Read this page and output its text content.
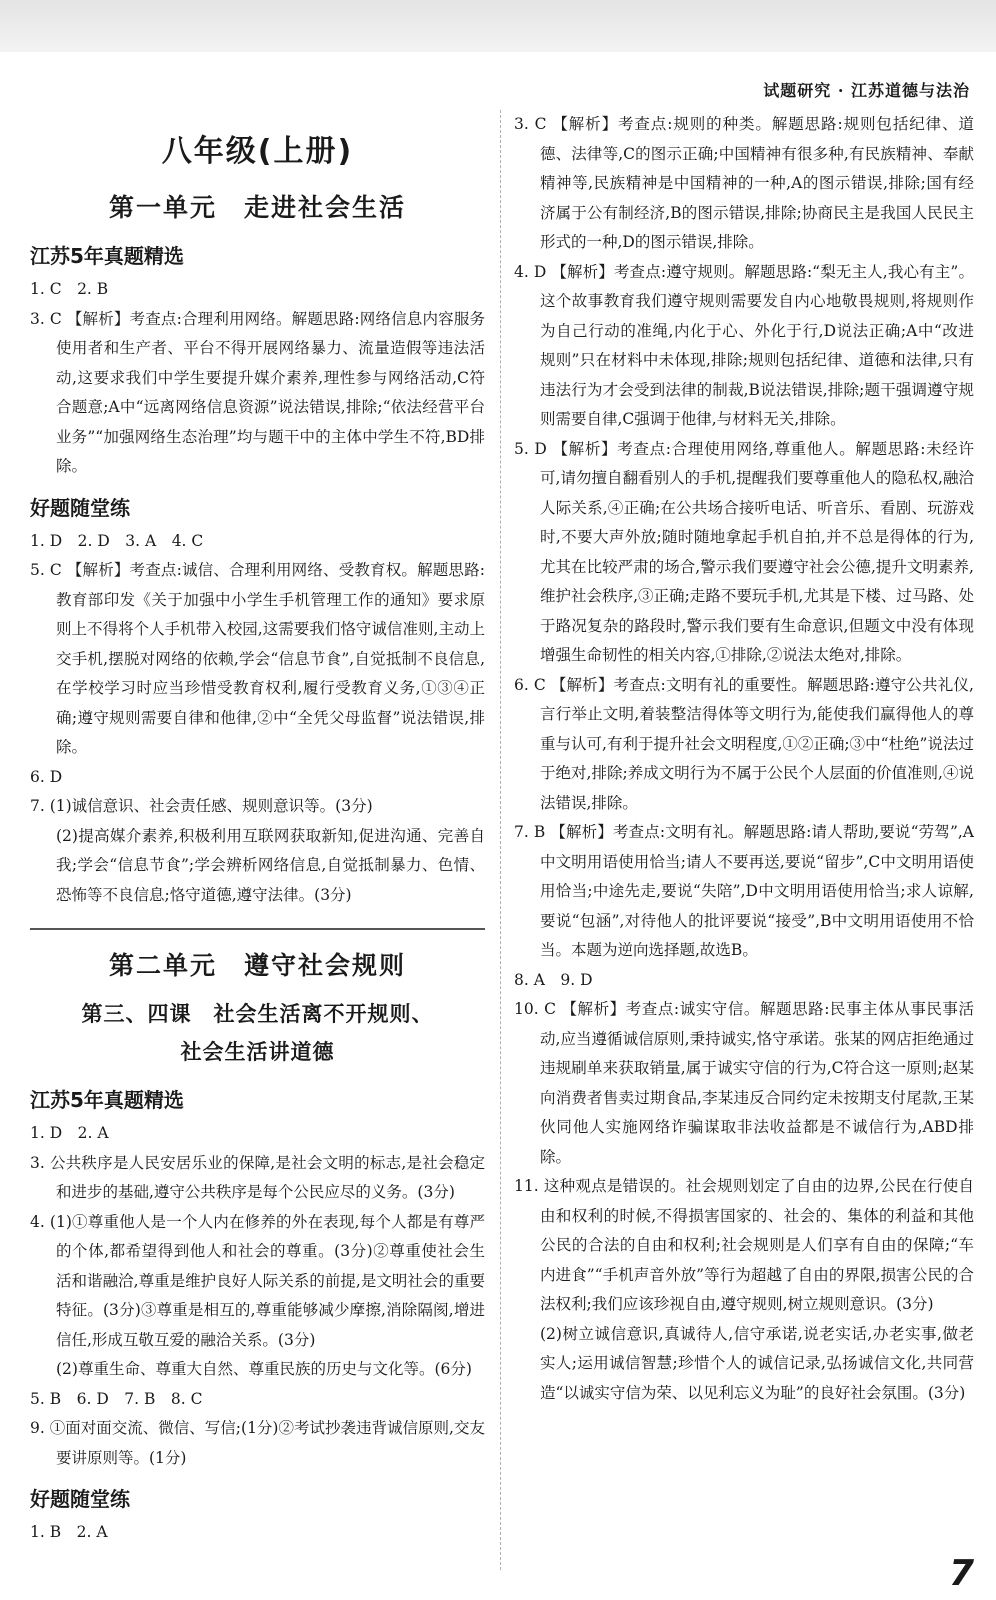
试题研究 · 江苏道德与法治
八年级(上册)
第一单元　走进社会生活
江苏5年真题精选
1. C　2. B
3. C 【解析】考查点:合理利用网络。解题思路:网络信息内容服务使用者和生产者、平台不得开展网络暴力、流量造假等违法活动,这要求我们中学生要提升媒介素养,理性参与网络活动,C符合题意;A中“远离网络信息资源”说法错误,排除;“依法经营平台业务”“加强网络生态治理”均与题干中的主体中学生不符,BD排除。
好题随堂练
1. D　2. D　3. A　4. C
5. C 【解析】考查点:诚信、合理利用网络、受教育权。解题思路:教育部印发《关于加强中小学生手机管理工作的通知》要求原则上不得将个人手机带入校园,这需要我们恪守诚信准则,主动上交手机,摆脱对网络的依赖,学会“信息节食”,自觉抵制不良信息,在学校学习时应当珍惜受教育权利,履行受教育义务,①③④正确;遵守规则需要自律和他律,②中“全凭父母监督”说法错误,排除。
6. D
7. (1)诚信意识、社会责任感、规则意识等。(3分)
(2)提高媒介素养,积极利用互联网获取新知,促进沟通、完善自我;学会“信息节食”;学会辨析网络信息,自觉抵制暴力、色情、恐怖等不良信息;恪守道德,遵守法律。(3分)
第二单元　遵守社会规则
第三、四课　社会生活离不开规则、
社会生活讲道德
江苏5年真题精选
1. D　2. A
3. 公共秩序是人民安居乐业的保障,是社会文明的标志,是社会稳定和进步的基础,遵守公共秩序是每个公民应尽的义务。(3分)
4. (1)①尊重他人是一个人内在修养的外在表现,每个人都是有尊严的个体,都希望得到他人和社会的尊重。(3分)②尊重使社会生活和谐融洽,尊重是维护良好人际关系的前提,是文明社会的重要特征。(3分)③尊重是相互的,尊重能够减少摩擦,消除隔阂,增进信任,形成互敬互爱的融洽关系。(3分)
(2)尊重生命、尊重大自然、尊重民族的历史与文化等。(6分)
5. B　6. D　7. B　8. C
9. ①面对面交流、微信、写信;(1分)②考试抄袭违背诚信原则,交友要讲原则等。(1分)
好题随堂练
1. B　2. A
3. C 【解析】考查点:规则的种类。解题思路:规则包括纪律、道德、法律等,C的图示正确;中国精神有很多种,有民族精神、奉献精神等,民族精神是中国精神的一种,A的图示错误,排除;国有经济属于公有制经济,B的图示错误,排除;协商民主是我国人民民主形式的一种,D的图示错误,排除。
4. D 【解析】考查点:遵守规则。解题思路:“梨无主人,我心有主”。这个故事教育我们遵守规则需要发自内心地敬畏规则,将规则作为自己行动的准绳,内化于心、外化于行,D说法正确;A中“改进规则”只在材料中未体现,排除;规则包括纪律、道德和法律,只有违法行为才会受到法律的制裁,B说法错误,排除;题干强调遵守规则需要自律,C强调于他律,与材料无关,排除。
5. D 【解析】考查点:合理使用网络,尊重他人。解题思路:未经许可,请勿擅自翻看别人的手机,提醒我们要尊重他人的隐私权,融洽人际关系,④正确;在公共场合接听电话、听音乐、看剧、玩游戏时,不要大声外放;随时随地拿起手机自拍,并不总是得体的行为,尤其在比较严肃的场合,警示我们要遵守社会公德,提升文明素养,维护社会秩序,③正确;走路不要玩手机,尤其是下楼、过马路、处于路况复杂的路段时,警示我们要有生命意识,但题文中没有体现增强生命韧性的相关内容,①排除,②说法太绝对,排除。
6. C 【解析】考查点:文明有礼的重要性。解题思路:遵守公共礼仪,言行举止文明,着装整洁得体等文明行为,能使我们赢得他人的尊重与认可,有利于提升社会文明程度,①②正确;③中“杜绝”说法过于绝对,排除;养成文明行为不属于公民个人层面的价值准则,④说法错误,排除。
7. B 【解析】考查点:文明有礼。解题思路:请人帮助,要说“劳驾”,A中文明用语使用恰当;请人不要再送,要说“留步”,C中文明用语使用恰当;中途先走,要说“失陪”,D中文明用语使用恰当;求人谅解,要说“包涵”,对待他人的批评要说“接受”,B中文明用语使用不恰当。本题为逆向选择题,故选B。
8. A　9. D
10. C 【解析】考查点:诚实守信。解题思路:民事主体从事民事活动,应当遵循诚信原则,秉持诚实,恪守承诺。张某的网店拒绝通过违规刷单来获取销量,属于诚实守信的行为,C符合这一原则;赵某向消费者售卖过期食品,李某违反合同约定未按期支付尾款,王某伙同他人实施网络诈骗谋取非法收益都是不诚信行为,ABD排除。
11. 这种观点是错误的。社会规则划定了自由的边界,公民在行使自由和权利的时候,不得损害国家的、社会的、集体的利益和其他公民的合法的自由和权利;社会规则是人们享有自由的保障;“车内进食”“手机声音外放”等行为超越了自由的界限,损害公民的合法权利;我们应该珍视自由,遵守规则,树立规则意识。(3分)
(2)树立诚信意识,真诚待人,信守承诺,说老实话,办老实事,做老实人;运用诚信智慧;珍惜个人的诚信记录,弘扬诚信文化,共同营造“以诚实守信为荣、以见利忘义为耻”的良好社会氛围。(3分)
7
